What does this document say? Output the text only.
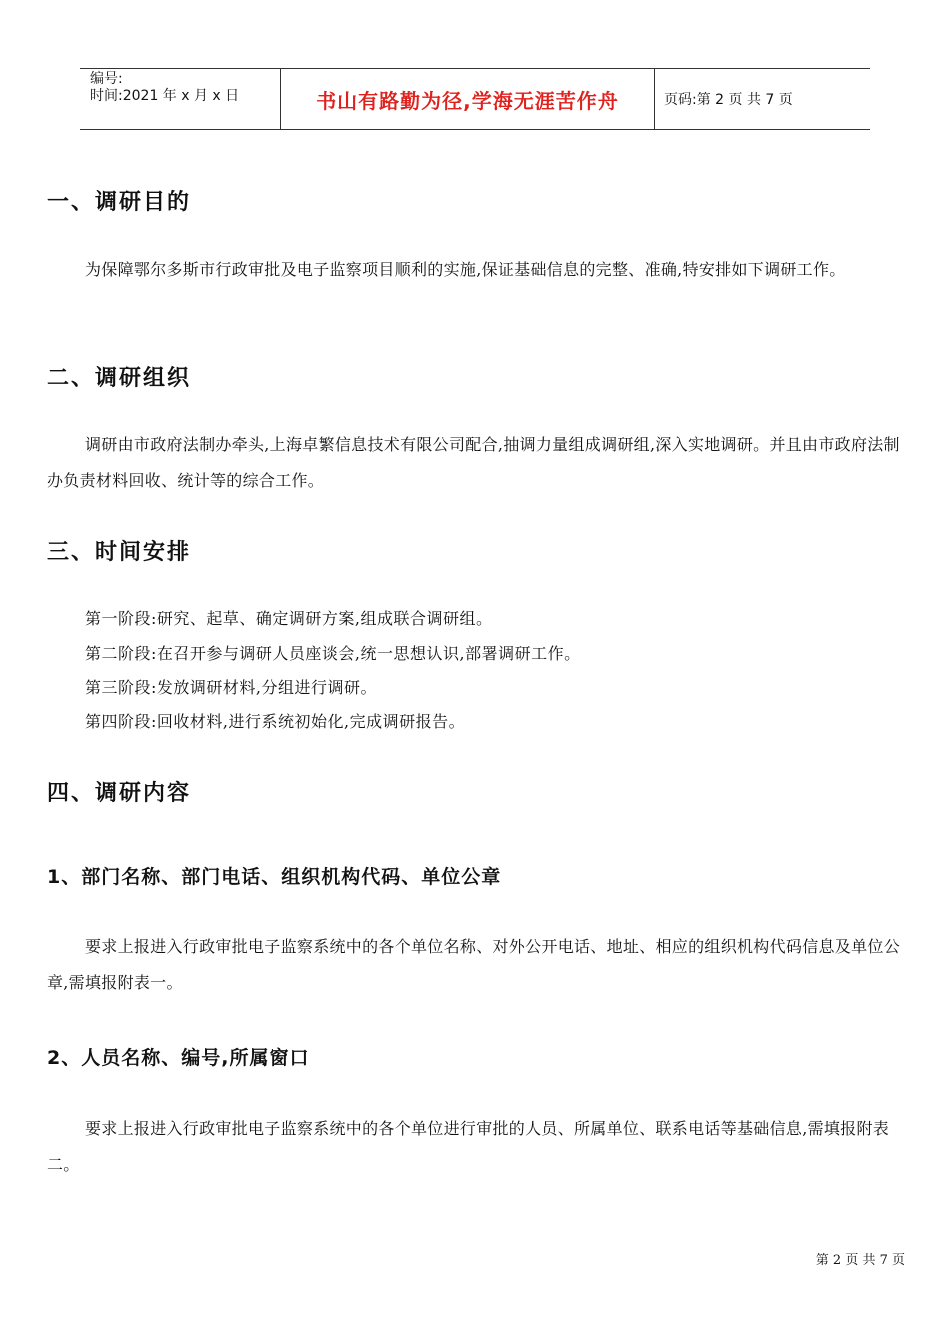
编号:
时间:2021 年 x 月 x 日	书山有路勤为径,学海无涯苦作舟	页码:第 2 页 共 7 页
一、调研目的

为保障鄂尔多斯市行政审批及电子监察项目顺利的实施,保证基础信息的完整、准确,特安排如下调研工作。

二、调研组织

调研由市政府法制办牵头,上海卓繁信息技术有限公司配合,抽调力量组成调研组,深入实地调研。并且由市政府法制办负责材料回收、统计等的综合工作。

三、时间安排

第一阶段:研究、起草、确定调研方案,组成联合调研组。

第二阶段:在召开参与调研人员座谈会,统一思想认识,部署调研工作。

第三阶段:发放调研材料,分组进行调研。

第四阶段:回收材料,进行系统初始化,完成调研报告。

四、调研内容
1、部门名称、部门电话、组织机构代码、单位公章

要求上报进入行政审批电子监察系统中的各个单位名称、对外公开电话、地址、相应的组织机构代码信息及单位公章,需填报附表一。

2、人员名称、编号,所属窗口

要求上报进入行政审批电子监察系统中的各个单位进行审批的人员、所属单位、联系电话等基础信息,需填报附表二。

第 2 页 共 7 页
